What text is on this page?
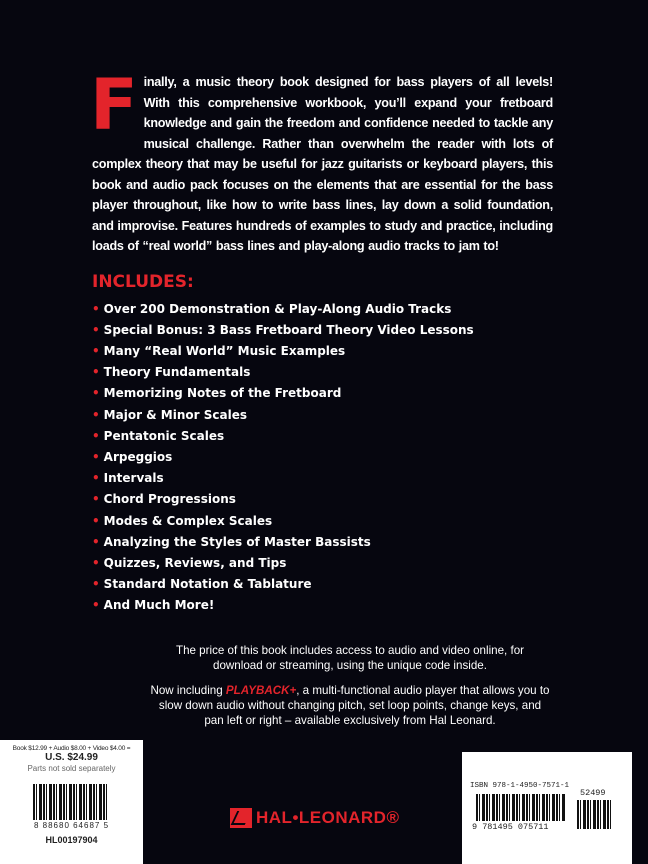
Finally, a music theory book designed for bass players of all levels! With this comprehensive workbook, you’ll expand your fretboard knowledge and gain the freedom and confidence needed to tackle any musical challenge. Rather than overwhelm the reader with lots of complex theory that may be useful for jazz guitarists or keyboard players, this book and audio pack focuses on the elements that are essential for the bass player throughout, like how to write bass lines, lay down a solid foundation, and improvise. Features hundreds of examples to study and practice, including loads of “real world” bass lines and play-along audio tracks to jam to!
INCLUDES:
• Over 200 Demonstration & Play-Along Audio Tracks
• Special Bonus: 3 Bass Fretboard Theory Video Lessons
• Many “Real World” Music Examples
• Theory Fundamentals
• Memorizing Notes of the Fretboard
• Major & Minor Scales
• Pentatonic Scales
• Arpeggios
• Intervals
• Chord Progressions
• Modes & Complex Scales
• Analyzing the Styles of Master Bassists
• Quizzes, Reviews, and Tips
• Standard Notation & Tablature
• And Much More!
The price of this book includes access to audio and video online, for download or streaming, using the unique code inside.
Now including PLAYBACK+, a multi-functional audio player that allows you to slow down audio without changing pitch, set loop points, change keys, and pan left or right – available exclusively from Hal Leonard.
Book $12.99 + Audio $8.00 + Video $4.00 =
U.S. $24.99
Parts not sold separately
8 88680 64687 5
HL00197904
HAL•LEONARD®
ISBN 978-1-4950-7571-1
9 781495 075711
52499
